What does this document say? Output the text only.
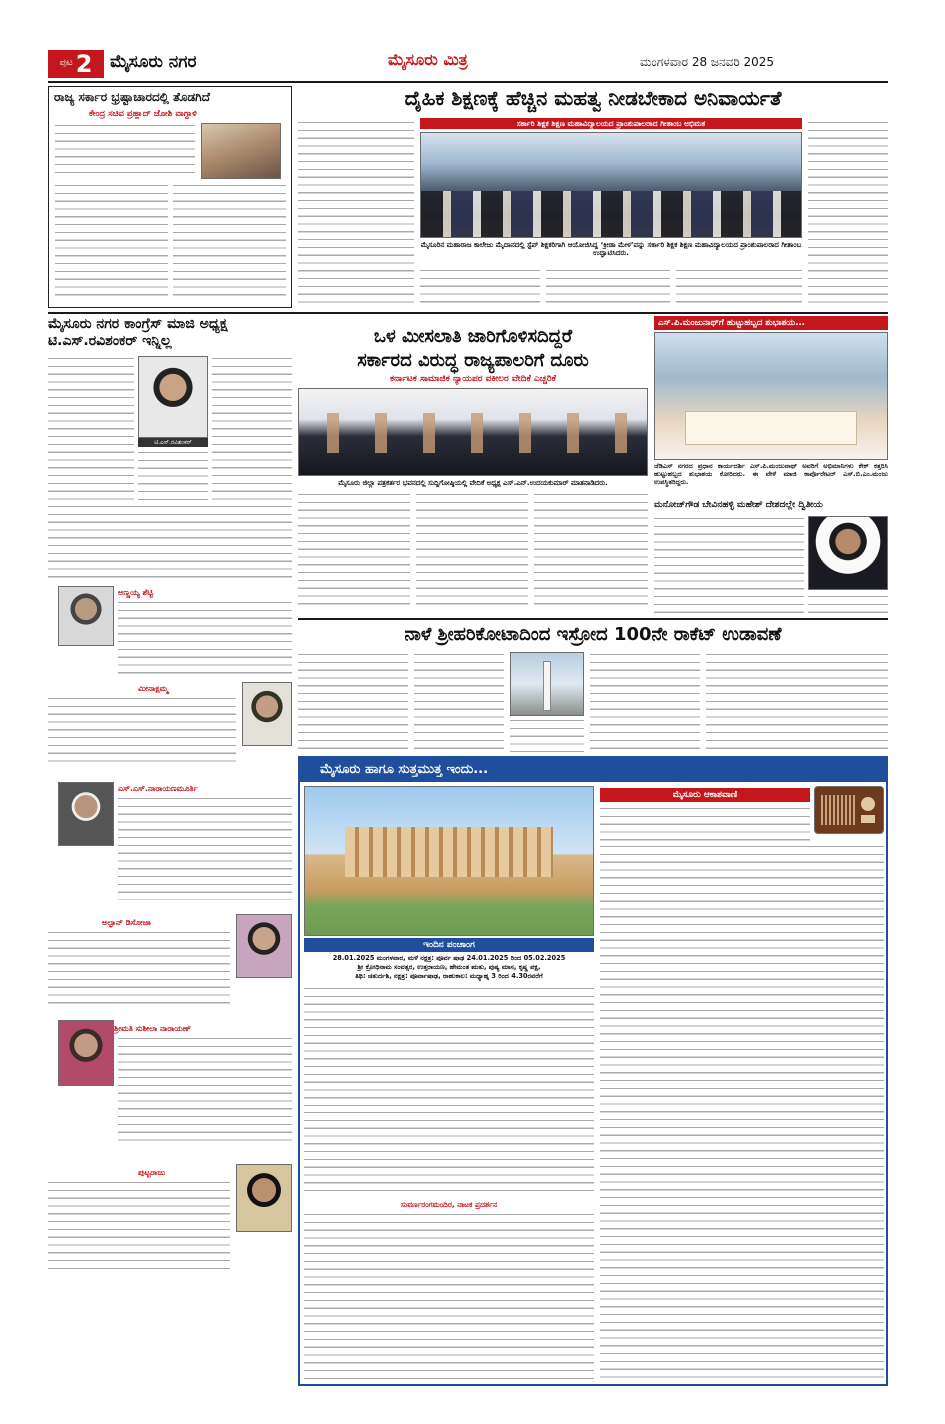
ಪುಟ 2 ಮೈಸೂರು ನಗರ	ಮೈಸೂರು ಮಿತ್ರ	ಮಂಗಳವಾರ 28 ಜನವರಿ 2025
ರಾಜ್ಯ ಸರ್ಕಾರ ಭ್ರಷ್ಟಾಚಾರದಲ್ಲಿ ತೊಡಗಿದೆ
ಕೇಂದ್ರ ಸಚಿವ ಪ್ರಹ್ಲಾದ್ ಜೋಶಿ ವಾಗ್ದಾಳಿ
ದೈಹಿಕ ಶಿಕ್ಷಣಕ್ಕೆ ಹೆಚ್ಚಿನ ಮಹತ್ವ ನೀಡಬೇಕಾದ ಅನಿವಾರ್ಯತೆ
ಸರ್ಕಾರಿ ಶಿಕ್ಷಕ ಶಿಕ್ಷಣ ಮಹಾವಿದ್ಯಾಲಯದ ಪ್ರಾಂಶುಪಾಲರಾದ ಗೀತಾಂಬ ಅಭಿಮತ
ಮೈಸೂರಿನ ಮಹಾರಾಜ ಕಾಲೇಜು ಮೈದಾನದಲ್ಲಿ ಸ್ಟೆಪ್ ಶಿಕ್ಷಕರಿಗಾಗಿ ಆಯೋಜಿಸಿದ್ದ ‘ಕ್ರೀಡಾ ಮೇಳ’ವನ್ನು ಸರ್ಕಾರಿ ಶಿಕ್ಷಕ ಶಿಕ್ಷಣ ಮಹಾವಿದ್ಯಾಲಯದ ಪ್ರಾಂಶುಪಾಲರಾದ ಗೀತಾಂಬ ಉದ್ಘಾಟಿಸಿದರು.
ಮೈಸೂರು ನಗರ ಕಾಂಗ್ರೆಸ್ ಮಾಜಿ ಅಧ್ಯಕ್ಷ ಟಿ.ಎಸ್.ರವಿಶಂಕರ್ ಇನ್ನಿಲ್ಲ
ಟಿ.ಎಸ್.ರವಿಶಂಕರ್
ಒಳ ಮೀಸಲಾತಿ ಜಾರಿಗೊಳಿಸದಿದ್ದರೆ
ಸರ್ಕಾರದ ವಿರುದ್ಧ ರಾಜ್ಯಪಾಲರಿಗೆ ದೂರು
ಕರ್ನಾಟಕ ಸಾಮಾಜಿಕ ನ್ಯಾಯಪರ ವಕೀಲರ ವೇದಿಕೆ ಎಚ್ಚರಿಕೆ
ಮೈಸೂರು ಜಿಲ್ಲಾ ಪತ್ರಕರ್ತರ ಭವನದಲ್ಲಿ ಸುದ್ದಿಗೋಷ್ಠಿಯಲ್ಲಿ ವೇದಿಕೆ ಅಧ್ಯಕ್ಷ ಎಸ್.ಎನ್.ಉದಯಕುಮಾರ್ ಮಾತನಾಡಿದರು.
ಎಸ್.ಪಿ.ಮಂಜುನಾಥ್‌ಗೆ ಹುಟ್ಟುಹಬ್ಬದ ಶುಭಾಶಯ...
ಜೆಡಿಎಸ್ ನಗರದ ಪ್ರಧಾನ ಕಾರ್ಯದರ್ಶಿ ಎಸ್.ಪಿ.ಮಂಜುನಾಥ್ ಅವರಿಗೆ ಅಭಿಮಾನಿಗಳು ಕೇಕ್ ಕತ್ತರಿಸಿ ಹುಟ್ಟುಹಬ್ಬದ ಶುಭಾಶಯ ಕೋರಿದರು. ಈ ವೇಳೆ ಮಾಜಿ ಕಾರ್ಪೊರೇಟರ್ ಎಸ್.ಬಿ.ಎಂ.ಮಂಜು ಉಪಸ್ಥಿತರಿದ್ದರು.
ಮನೋಜ್‌ಗೌಡ ಬೇವಿನಹಳ್ಳಿ ಮಹೇಶ್ ದೇಶದಲ್ಲೇ ದ್ವಿತೀಯ
ಅಣ್ಣಯ್ಯ ಶೆಟ್ಟಿ
ಮೀನಾಕ್ಷಮ್ಮ
ಎಸ್.ಎಸ್.ನಾರಾಯಣಮೂರ್ತಿ
ಅಲ್ಫಾನ್ ಡಿಸೋಜಾ
ಶ್ರೀಮತಿ ಸುಶೀಲಾ ನಾರಾಯಣ್
ಪುಟ್ಟರಾಜು
ನಾಳೆ ಶ್ರೀಹರಿಕೋಟಾದಿಂದ ಇಸ್ರೋದ 100ನೇ ರಾಕೆಟ್ ಉಡಾವಣೆ
ಮೈಸೂರು ಹಾಗೂ ಸುತ್ತಮುತ್ತ ಇಂದು...
ಇಂದಿನ ಪಂಚಾಂಗ
28.01.2025 ಮಂಗಳವಾರ, ಮಳೆ ನಕ್ಷತ್ರ: ಪೂರ್ವ ಷಾಢ 24.01.2025 ರಿಂದ 05.02.2025
ಶ್ರೀ ಕ್ರೋಧಿನಾಮ ಸಂವತ್ಸರ, ಉತ್ತರಾಯಣ, ಹೇಮಂತ ಋತು, ಪುಷ್ಯ ಮಾಸ, ಕೃಷ್ಣ ಪಕ್ಷ,
ತಿಥಿ: ಚತುರ್ದಶಿ, ನಕ್ಷತ್ರ: ಪೂರ್ವಾಷಾಢ, ರಾಹುಕಾಲ: ಮಧ್ಯಾಹ್ನ 3 ರಿಂದ 4.30ರವರೆಗೆ
ಸುವರ್ಣರಂಗಮಂದಿರ, ನಾಟಕ ಪ್ರದರ್ಶನ
ಮೈಸೂರು ಆಕಾಶವಾಣಿ
